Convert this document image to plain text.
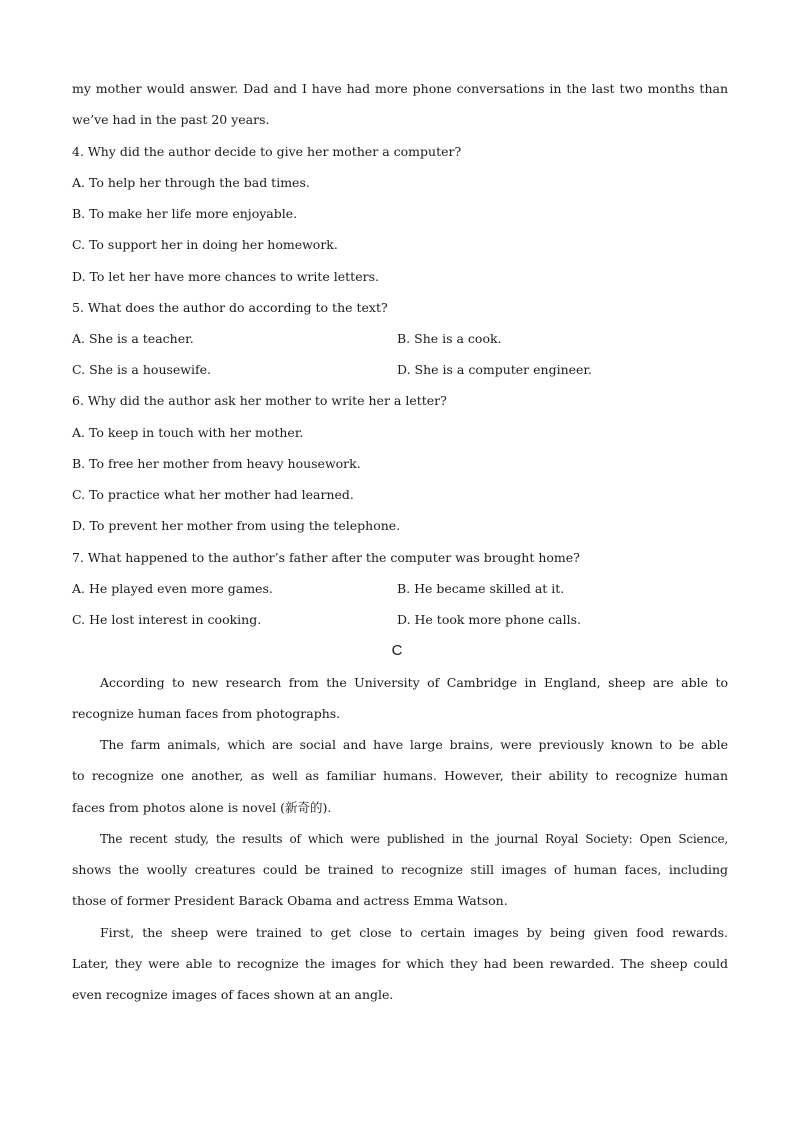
my mother would answer. Dad and I have had more phone conversations in the last two months than
we’ve had in the past 20 years.
4. Why did the author decide to give her mother a computer?
A. To help her through the bad times.
B. To make her life more enjoyable.
C. To support her in doing her homework.
D. To let her have more chances to write letters.
5. What does the author do according to the text?
A. She is a teacher.	B. She is a cook.
C. She is a housewife.	D. She is a computer engineer.
6. Why did the author ask her mother to write her a letter?
A. To keep in touch with her mother.
B. To free her mother from heavy housework.
C. To practice what her mother had learned.
D. To prevent her mother from using the telephone.
7. What happened to the author’s father after the computer was brought home?
A. He played even more games.	B. He became skilled at it.
C. He lost interest in cooking.	D. He took more phone calls.
C
According to new research from the University of Cambridge in England, sheep are able to
recognize human faces from photographs.
The farm animals, which are social and have large brains, were previously known to be able
to recognize one another, as well as familiar humans. However, their ability to recognize human
faces from photos alone is novel (新奇的).
The recent study, the results of which were published in the journal Royal Society: Open Science,
shows the woolly creatures could be trained to recognize still images of human faces, including
those of former President Barack Obama and actress Emma Watson.
First, the sheep were trained to get close to certain images by being given food rewards.
Later, they were able to recognize the images for which they had been rewarded. The sheep could
even recognize images of faces shown at an angle.
